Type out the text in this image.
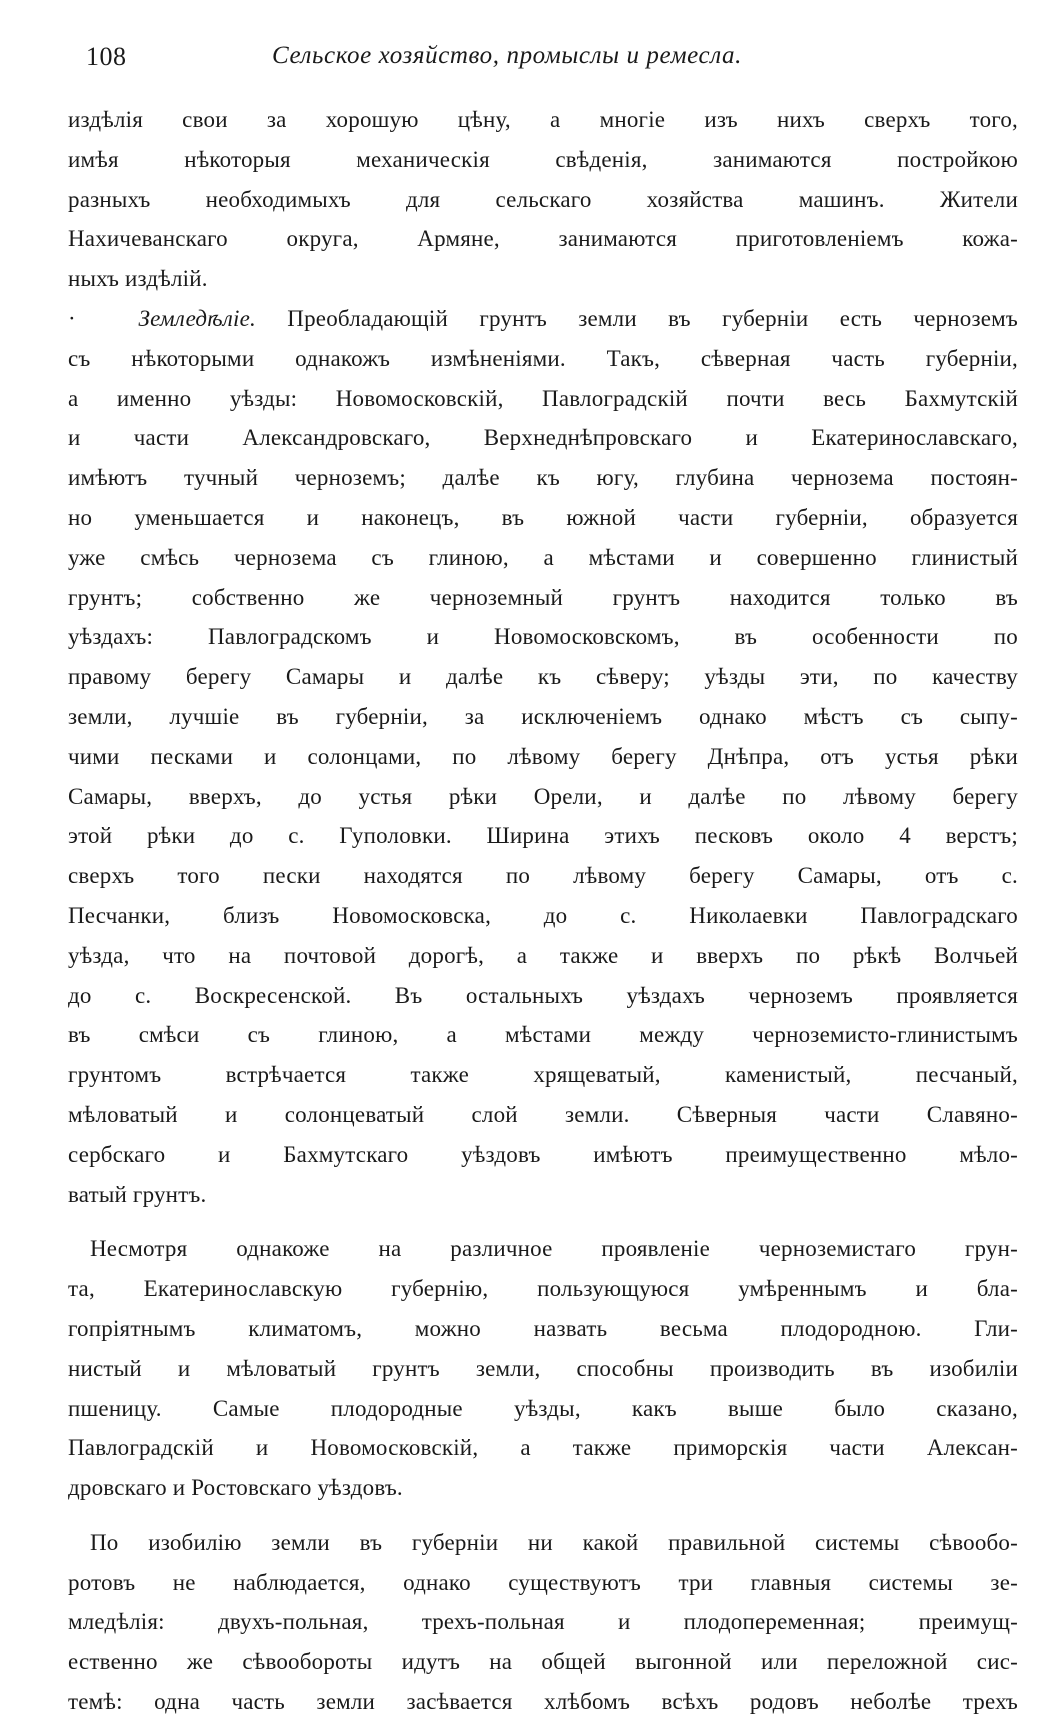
108	Сельское хозяйство, промыслы и ремесла.
издѣлія свои за хорошую цѣну, а многіе изъ нихъ сверхъ того,
имѣя нѣкоторыя механическія свѣденія, занимаются постройкою
разныхъ необходимыхъ для сельскаго хозяйства машинъ. Жители
Нахичеванскаго округа, Армяне, занимаются приготовленіемъ кожа-
ныхъ издѣлій.
·	Земледѣліе. Преобладающій грунтъ земли въ губерніи есть черноземъ
съ нѣкоторыми однакожъ измѣненіями. Такъ, сѣверная часть губерніи,
а именно уѣзды: Новомосковскій, Павлоградскій почти весь Бахмутскій
и части Александровскаго, Верхнеднѣпровскаго и Екатеринославскаго,
имѣютъ тучный черноземъ; далѣе къ югу, глубина чернозема постоян-
но уменьшается и наконецъ, въ южной части губерніи, образуется
уже смѣсь чернозема съ глиною, а мѣстами и совершенно глинистый
грунтъ; собственно же черноземный грунтъ находится только въ
уѣздахъ: Павлоградскомъ и Новомосковскомъ, въ особенности по
правому берегу Самары и далѣе къ сѣверу; уѣзды эти, по качеству
земли, лучшіе въ губерніи, за исключеніемъ однако мѣстъ съ сыпу-
чими песками и солонцами, по лѣвому берегу Днѣпра, отъ устья рѣки
Самары, вверхъ, до устья рѣки Орели, и далѣе по лѣвому берегу
этой рѣки до с. Гуполовки. Ширина этихъ песковъ около 4 верстъ;
сверхъ того пески находятся по лѣвому берегу Самары, отъ с.
Песчанки, близъ Новомосковска, до с. Николаевки Павлоградскаго
уѣзда, что на почтовой дорогѣ, а также и вверхъ по рѣкѣ Волчьей
до с. Воскресенской. Въ остальныхъ уѣздахъ черноземъ проявляется
въ смѣси съ глиною, а мѣстами между черноземисто-глинистымъ
грунтомъ встрѣчается также хрящеватый, каменистый, песчаный,
мѣловатый и солонцеватый слой земли. Сѣверныя части Славяно-
сербскаго и Бахмутскаго уѣздовъ имѣютъ преимущественно мѣло-
ватый грунтъ.
Несмотря однакоже на различное проявленіе черноземистаго грун-
та, Екатеринославскую губернію, пользующуюся умѣреннымъ и бла-
гопріятнымъ климатомъ, можно назвать весьма плодородною. Гли-
нистый и мѣловатый грунтъ земли, способны производить въ изобиліи
пшеницу. Самые плодородные уѣзды, какъ выше было сказано,
Павлоградскій и Новомосковскій, а также приморскія части Алексан-
дровскаго и Ростовскаго уѣздовъ.
По изобилію земли въ губерніи ни какой правильной системы сѣвообо-
ротовъ не наблюдается, однако существуютъ три главныя системы зе-
мледѣлія: двухъ-польная, трехъ-польная и плодопеременная; преимущ-
ественно же сѣвообороты идутъ на общей выгонной или переложной сис-
темѣ: одна часть земли засѣвается хлѣбомъ всѣхъ родовъ неболѣе трехъ
